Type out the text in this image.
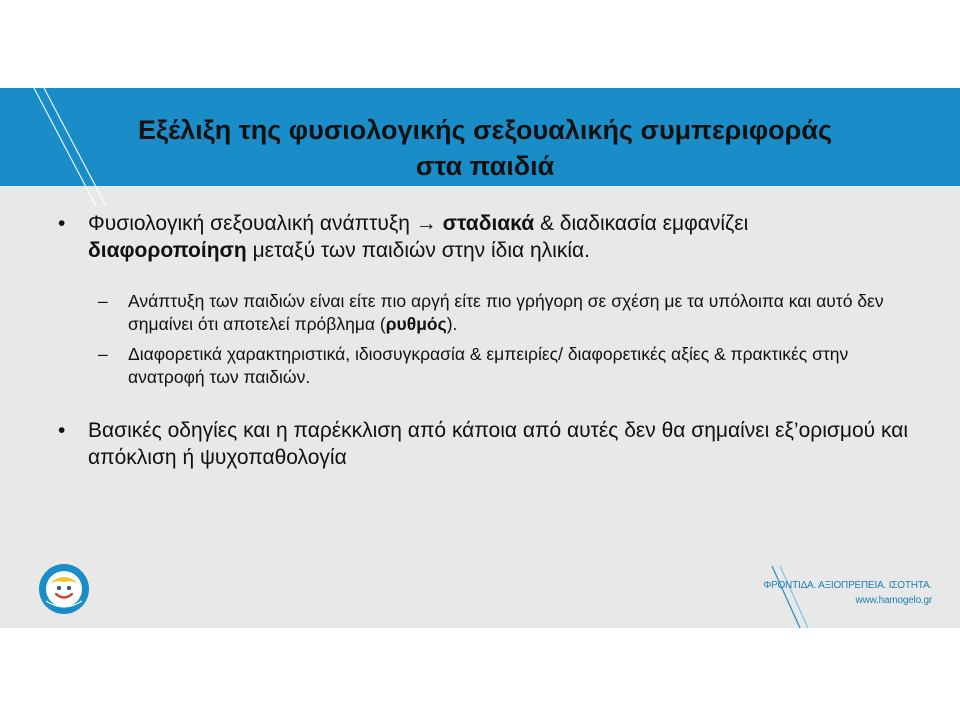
Εξέλιξη της φυσιολογικής σεξουαλικής συμπεριφοράς
στα παιδιά
• Φυσιολογική σεξουαλική ανάπτυξη → σταδιακά & διαδικασία εμφανίζει διαφοροποίηση μεταξύ των παιδιών στην ίδια ηλικία.
– Ανάπτυξη των παιδιών είναι είτε πιο αργή είτε πιο γρήγορη σε σχέση με τα υπόλοιπα και αυτό δεν σημαίνει ότι αποτελεί πρόβλημα (ρυθμός).
– Διαφορετικά χαρακτηριστικά, ιδιοσυγκρασία & εμπειρίες/ διαφορετικές αξίες & πρακτικές στην ανατροφή των παιδιών.
• Βασικές οδηγίες και η παρέκκλιση από κάποια από αυτές δεν θα σημαίνει εξ’ορισμού και απόκλιση ή ψυχοπαθολογία
ΦΡΟΝΤΙΔΑ. ΑΞΙΟΠΡΕΠΕΙΑ. ΙΣΟΤΗΤΑ.
www.hamogelo.gr
